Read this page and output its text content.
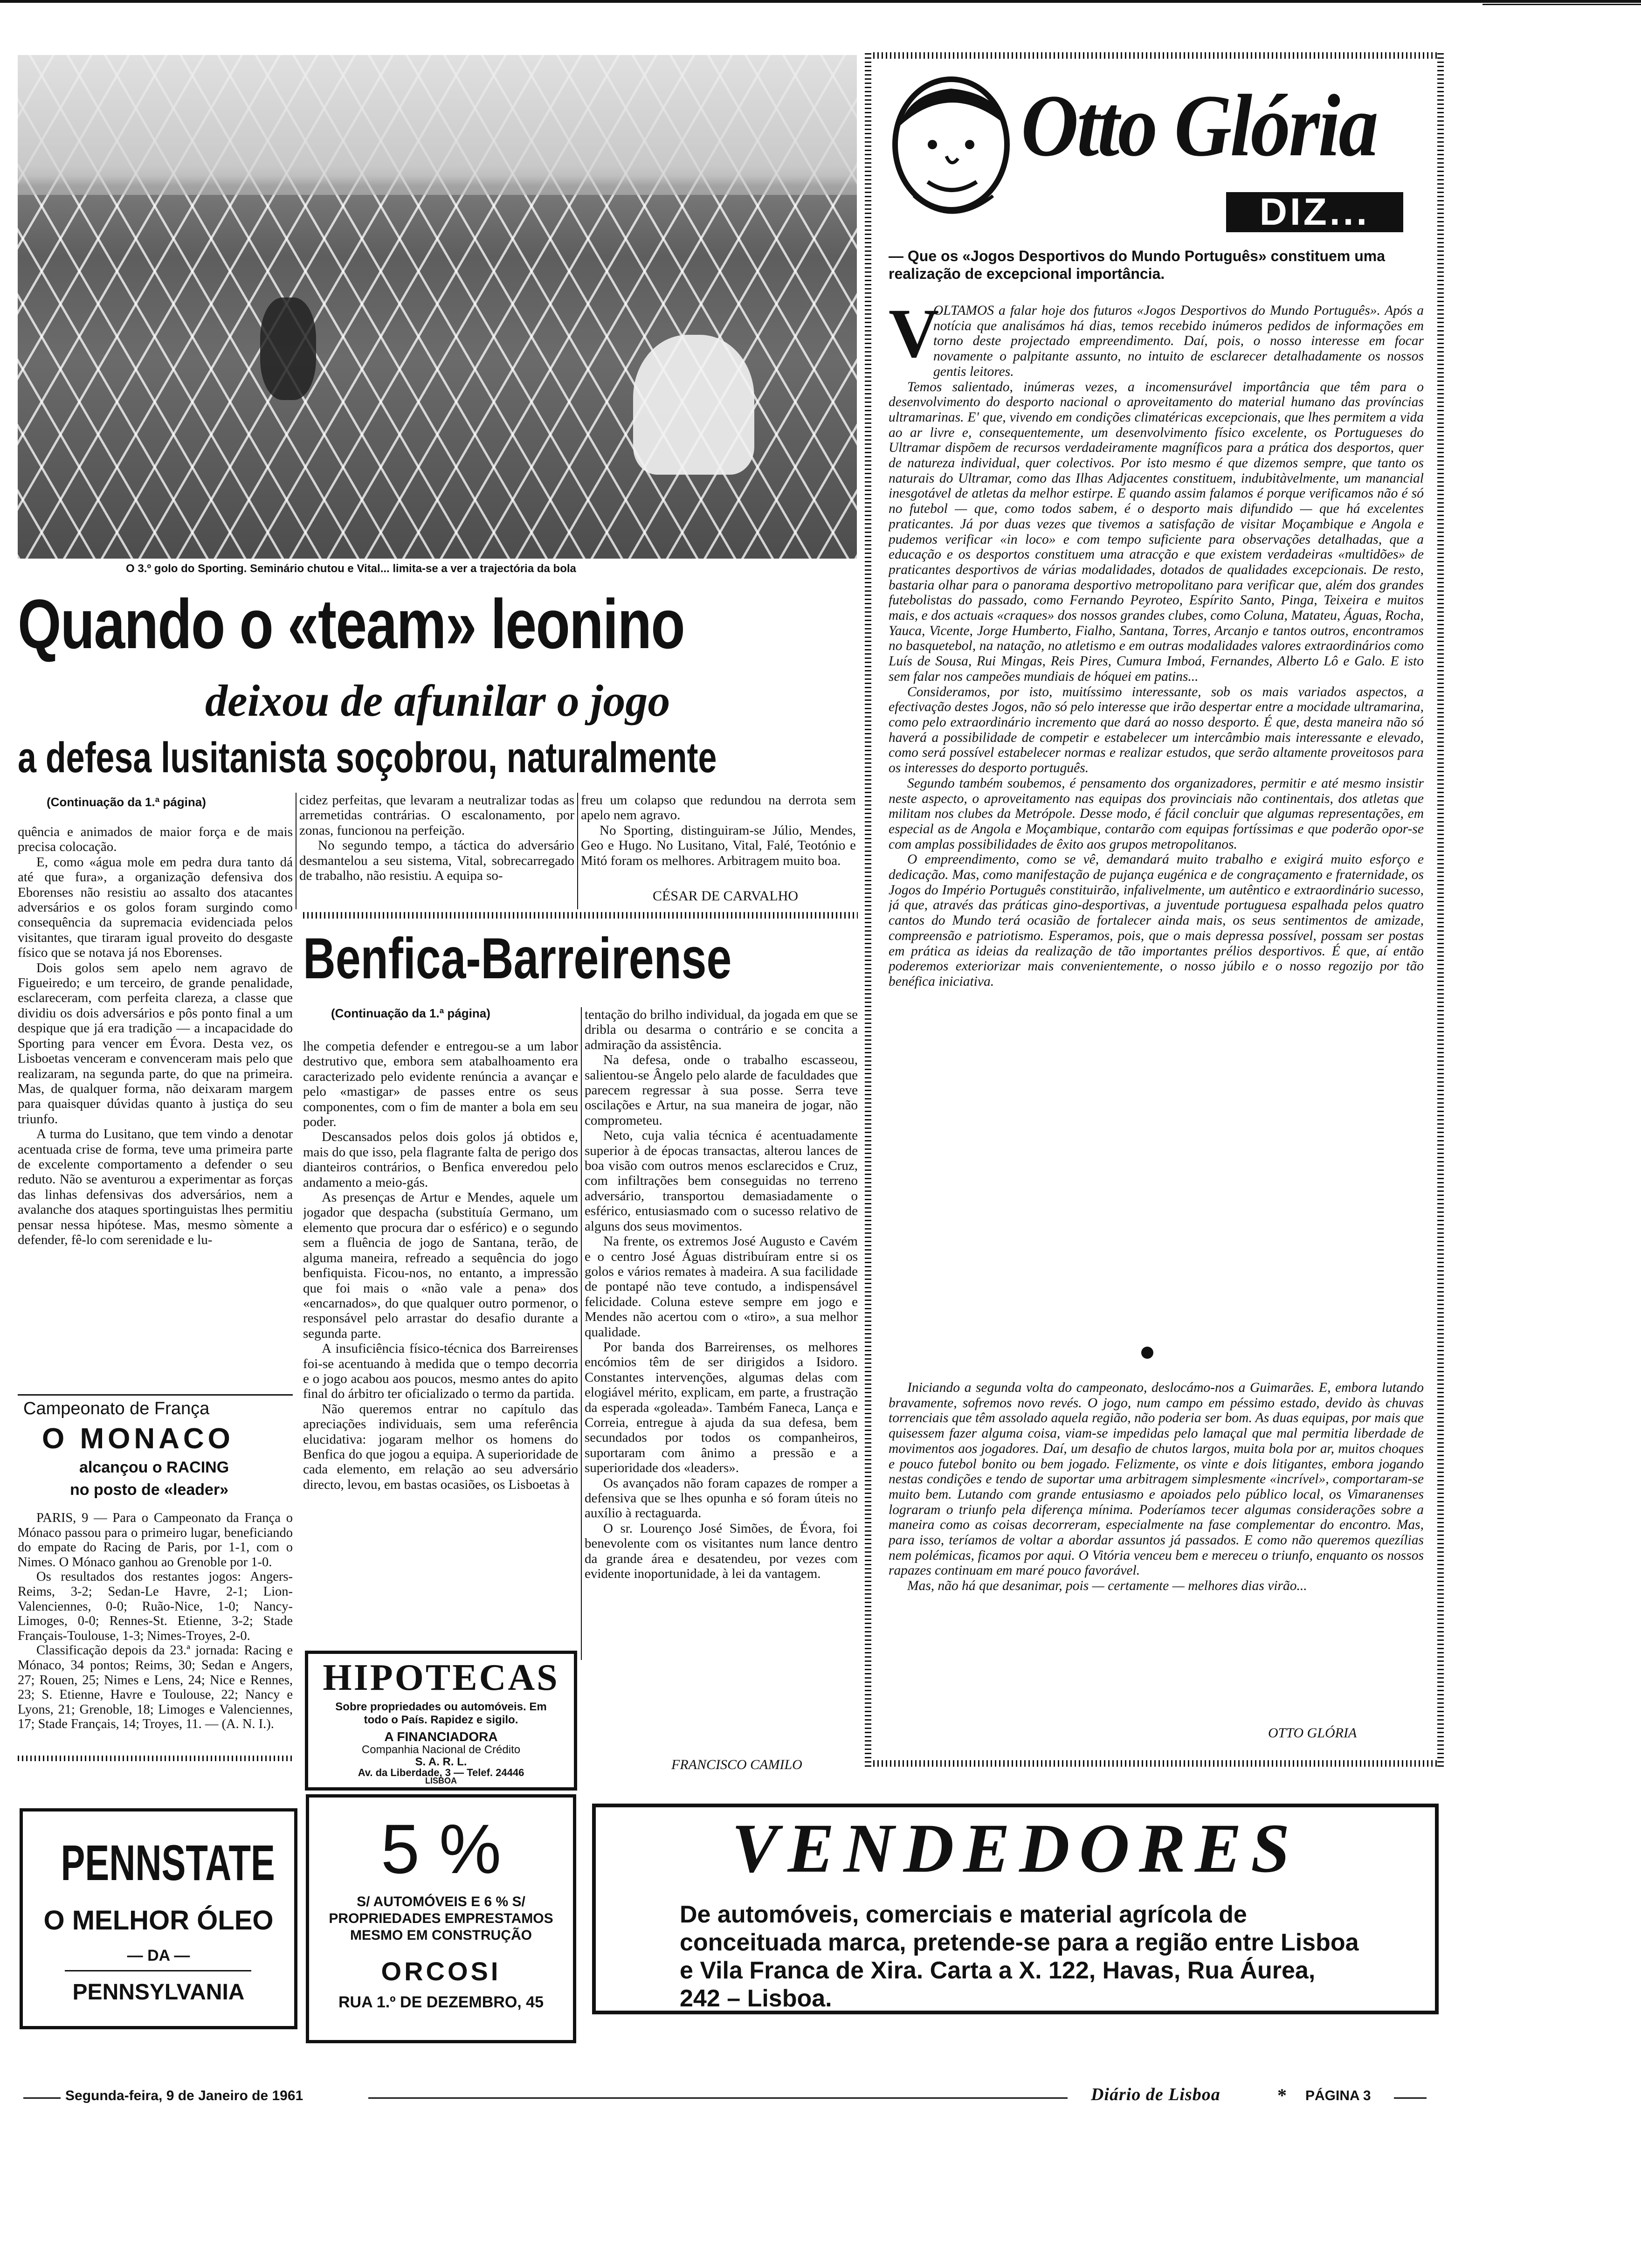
O 3.º golo do Sporting. Seminário chutou e Vital... limita-se a ver a trajectória da bola
Quando o «team» leonino
deixou de afunilar o jogo
a defesa lusitanista soçobrou, naturalmente
(Continuação da 1.ª página)

quência e animados de maior força e de mais precisa colocação.

E, como «água mole em pedra dura tanto dá até que fura», a organização defensiva dos Eborenses não resistiu ao assalto dos atacantes adversários e os golos foram surgindo como consequência da supremacia evidenciada pelos visitantes, que tiraram igual proveito do desgaste físico que se notava já nos Eborenses.

Dois golos sem apelo nem agravo de Figueiredo; e um terceiro, de grande penalidade, esclareceram, com perfeita clareza, a classe que dividiu os dois adversários e pôs ponto final a um despique que já era tradição — a incapacidade do Sporting para vencer em Évora. Desta vez, os Lisboetas venceram e convenceram mais pelo que realizaram, na segunda parte, do que na primeira. Mas, de qualquer forma, não deixaram margem para quaisquer dúvidas quanto à justiça do seu triunfo.

A turma do Lusitano, que tem vindo a denotar acentuada crise de forma, teve uma primeira parte de excelente comportamento a defender o seu reduto. Não se aventurou a experimentar as forças das linhas defensivas dos adversários, nem a avalanche dos ataques sportinguistas lhes permitiu pensar nessa hipótese. Mas, mesmo sòmente a defender, fê-lo com serenidade e lu-

cidez perfeitas, que levaram a neutralizar todas as arremetidas contrárias. O escalonamento, por zonas, funcionou na perfeição.

No segundo tempo, a táctica do adversário desmantelou a seu sistema, Vital, sobrecarregado de trabalho, não resistiu. A equipa so-

freu um colapso que redundou na derrota sem apelo nem agravo.

No Sporting, distinguiram-se Júlio, Mendes, Geo e Hugo. No Lusitano, Vital, Falé, Teotónio e Mitó foram os melhores. Arbitragem muito boa.

CÉSAR DE CARVALHO
Benfica-Barreirense
(Continuação da 1.ª página)

lhe competia defender e entregou-se a um labor destrutivo que, embora sem atabalhoamento era caracterizado pelo evidente renúncia a avançar e pelo «mastigar» de passes entre os seus componentes, com o fim de manter a bola em seu poder.

Descansados pelos dois golos já obtidos e, mais do que isso, pela flagrante falta de perigo dos dianteiros contrários, o Benfica enveredou pelo andamento a meio-gás.

As presenças de Artur e Mendes, aquele um jogador que despacha (substituía Germano, um elemento que procura dar o esférico) e o segundo sem a fluência de jogo de Santana, terão, de alguma maneira, refreado a sequência do jogo benfiquista. Ficou-nos, no entanto, a impressão que foi mais o «não vale a pena» dos «encarnados», do que qualquer outro pormenor, o responsável pelo arrastar do desafio durante a segunda parte.

A insuficiência físico-técnica dos Barreirenses foi-se acentuando à medida que o tempo decorria e o jogo acabou aos poucos, mesmo antes do apito final do árbitro ter oficializado o termo da partida.

Não queremos entrar no capítulo das apreciações individuais, sem uma referência elucidativa: jogaram melhor os homens do Benfica do que jogou a equipa. A superioridade de cada elemento, em relação ao seu adversário directo, levou, em bastas ocasiões, os Lisboetas à

tentação do brilho individual, da jogada em que se dribla ou desarma o contrário e se concita a admiração da assistência.

Na defesa, onde o trabalho escasseou, salientou-se Ângelo pelo alarde de faculdades que parecem regressar à sua posse. Serra teve oscilações e Artur, na sua maneira de jogar, não comprometeu.

Neto, cuja valia técnica é acentuadamente superior à de épocas transactas, alterou lances de boa visão com outros menos esclarecidos e Cruz, com infiltrações bem conseguidas no terreno adversário, transportou demasiadamente o esférico, entusiasmado com o sucesso relativo de alguns dos seus movimentos.

Na frente, os extremos José Augusto e Cavém e o centro José Águas distribuíram entre si os golos e vários remates à madeira. A sua facilidade de pontapé não teve contudo, a indispensável felicidade. Coluna esteve sempre em jogo e Mendes não acertou com o «tiro», a sua melhor qualidade.

Por banda dos Barreirenses, os melhores encómios têm de ser dirigidos a Isidoro. Constantes intervenções, algumas delas com elogiável mérito, explicam, em parte, a frustração da esperada «goleada». Também Faneca, Lança e Correia, entregue à ajuda da sua defesa, bem secundados por todos os companheiros, suportaram com ânimo a pressão e a superioridade dos «leaders».

Os avançados não foram capazes de romper a defensiva que se lhes opunha e só foram úteis no auxílio à rectaguarda.

O sr. Lourenço José Simões, de Évora, foi benevolente com os visitantes num lance dentro da grande área e desatendeu, por vezes com evidente inoportunidade, à lei da vantagem.

FRANCISCO CAMILO
Campeonato de França
O MONACO
alcançou o RACING
no posto de «leader»

PARIS, 9 — Para o Campeonato da França o Mónaco passou para o primeiro lugar, beneficiando do empate do Racing de Paris, por 1-1, com o Nimes. O Mónaco ganhou ao Grenoble por 1-0.

Os resultados dos restantes jogos: Angers-Reims, 3-2; Sedan-Le Havre, 2-1; Lion-Valenciennes, 0-0; Ruão-Nice, 1-0; Nancy-Limoges, 0-0; Rennes-St. Etienne, 3-2; Stade Français-Toulouse, 1-3; Nimes-Troyes, 2-0.

Classificação depois da 23.ª jornada: Racing e Mónaco, 34 pontos; Reims, 30; Sedan e Angers, 27; Rouen, 25; Nimes e Lens, 24; Nice e Rennes, 23; S. Etienne, Havre e Toulouse, 22; Nancy e Lyons, 21; Grenoble, 18; Limoges e Valenciennes, 17; Stade Français, 14; Troyes, 11. — (A. N. I.).

HIPOTECAS
Sobre propriedades ou automóveis. Em todo o País. Rapidez e sigilo.
A FINANCIADORA
Companhia Nacional de Crédito
S. A. R. L.
Av. da Liberdade, 3 — Telef. 24446
LISBOA
PENNSTATE
O MELHOR ÓLEO
— DA —
PENNSYLVANIA
5 %
S/ AUTOMÓVEIS E 6 % S/ PROPRIEDADES EMPRESTAMOS MESMO EM CONSTRUÇÃO
ORCOSI
RUA 1.º DE DEZEMBRO, 45
Otto Glória
DIZ...
— Que os «Jogos Desportivos do Mundo Português» constituem uma realização de excepcional importância.
V

OLTAMOS a falar hoje dos futuros «Jogos Desportivos do Mundo Português». Após a notícia que analisámos há dias, temos recebido inúmeros pedidos de informações em torno deste projectado empreendimento. Daí, pois, o nosso interesse em focar novamente o palpitante assunto, no intuito de esclarecer detalhadamente os nossos gentis leitores.

Temos salientado, inúmeras vezes, a incomensurável importância que têm para o desenvolvimento do desporto nacional o aproveitamento do material humano das províncias ultramarinas. E' que, vivendo em condições climatéricas excepcionais, que lhes permitem a vida ao ar livre e, consequentemente, um desenvolvimento físico excelente, os Portugueses do Ultramar dispõem de recursos verdadeiramente magníficos para a prática dos desportos, quer de natureza individual, quer colectivos. Por isto mesmo é que dizemos sempre, que tanto os naturais do Ultramar, como das Ilhas Adjacentes constituem, indubitàvelmente, um manancial inesgotável de atletas da melhor estirpe. E quando assim falamos é porque verificamos não é só no futebol — que, como todos sabem, é o desporto mais difundido — que há excelentes praticantes. Já por duas vezes que tivemos a satisfação de visitar Moçambique e Angola e pudemos verificar «in loco» e com tempo suficiente para observações detalhadas, que a educação e os desportos constituem uma atracção e que existem verdadeiras «multidões» de praticantes desportivos de várias modalidades, dotados de qualidades excepcionais. De resto, bastaria olhar para o panorama desportivo metropolitano para verificar que, além dos grandes futebolistas do passado, como Fernando Peyroteo, Espírito Santo, Pinga, Teixeira e muitos mais, e dos actuais «craques» dos nossos grandes clubes, como Coluna, Matateu, Águas, Rocha, Yauca, Vicente, Jorge Humberto, Fialho, Santana, Torres, Arcanjo e tantos outros, encontramos no basquetebol, na natação, no atletismo e em outras modalidades valores extraordinários como Luís de Sousa, Rui Mingas, Reis Pires, Cumura Imboá, Fernandes, Alberto Lô e Galo. E isto sem falar nos campeões mundiais de hóquei em patins...

Consideramos, por isto, muitíssimo interessante, sob os mais variados aspectos, a efectivação destes Jogos, não só pelo interesse que irão despertar entre a mocidade ultramarina, como pelo extraordinário incremento que dará ao nosso desporto. É que, desta maneira não só haverá a possibilidade de competir e estabelecer um intercâmbio mais interessante e elevado, como será possível estabelecer normas e realizar estudos, que serão altamente proveitosos para os interesses do desporto português.

Segundo também soubemos, é pensamento dos organizadores, permitir e até mesmo insistir neste aspecto, o aproveitamento nas equipas dos provinciais não continentais, dos atletas que militam nos clubes da Metrópole. Desse modo, é fácil concluir que algumas representações, em especial as de Angola e Moçambique, contarão com equipas fortíssimas e que poderão opor-se com amplas possibilidades de êxito aos grupos metropolitanos.

O empreendimento, como se vê, demandará muito trabalho e exigirá muito esforço e dedicação. Mas, como manifestação de pujança eugénica e de congraçamento e fraternidade, os Jogos do Império Português constituirão, infalivelmente, um autêntico e extraordinário sucesso, já que, através das práticas gino-desportivas, a juventude portuguesa espalhada pelos quatro cantos do Mundo terá ocasião de fortalecer ainda mais, os seus sentimentos de amizade, compreensão e patriotismo. Esperamos, pois, que o mais depressa possível, possam ser postas em prática as ideias da realização de tão importantes prélios desportivos. É que, aí então poderemos exteriorizar mais convenientemente, o nosso júbilo e o nosso regozijo por tão benéfica iniciativa.

Iniciando a segunda volta do campeonato, deslocámo-nos a Guimarães. E, embora lutando bravamente, sofremos novo revés. O jogo, num campo em péssimo estado, devido às chuvas torrenciais que têm assolado aquela região, não poderia ser bom. As duas equipas, por mais que quisessem fazer alguma coisa, viam-se impedidas pelo lamaçal que mal permitia liberdade de movimentos aos jogadores. Daí, um desafio de chutos largos, muita bola por ar, muitos choques e pouco futebol bonito ou bem jogado. Felizmente, os vinte e dois litigantes, embora jogando nestas condições e tendo de suportar uma arbitragem simplesmente «incrível», comportaram-se muito bem. Lutando com grande entusiasmo e apoiados pelo público local, os Vimaranenses lograram o triunfo pela diferença mínima. Poderíamos tecer algumas considerações sobre a maneira como as coisas decorreram, especialmente na fase complementar do encontro. Mas, para isso, teríamos de voltar a abordar assuntos já passados. E como não queremos quezílias nem polémicas, ficamos por aqui. O Vitória venceu bem e mereceu o triunfo, enquanto os nossos rapazes continuam em maré pouco favorável.

Mas, não há que desanimar, pois — certamente — melhores dias virão...

OTTO GLÓRIA
VENDEDORES
De automóveis, comerciais e material agrícola de conceituada marca, pretende-se para a região entre Lisboa e Vila Franca de Xira. Carta a X. 122, Havas, Rua Áurea, 242 – Lisboa.
Segunda-feira, 9 de Janeiro de 1961	Diário de Lisboa	* PÁGINA 3
